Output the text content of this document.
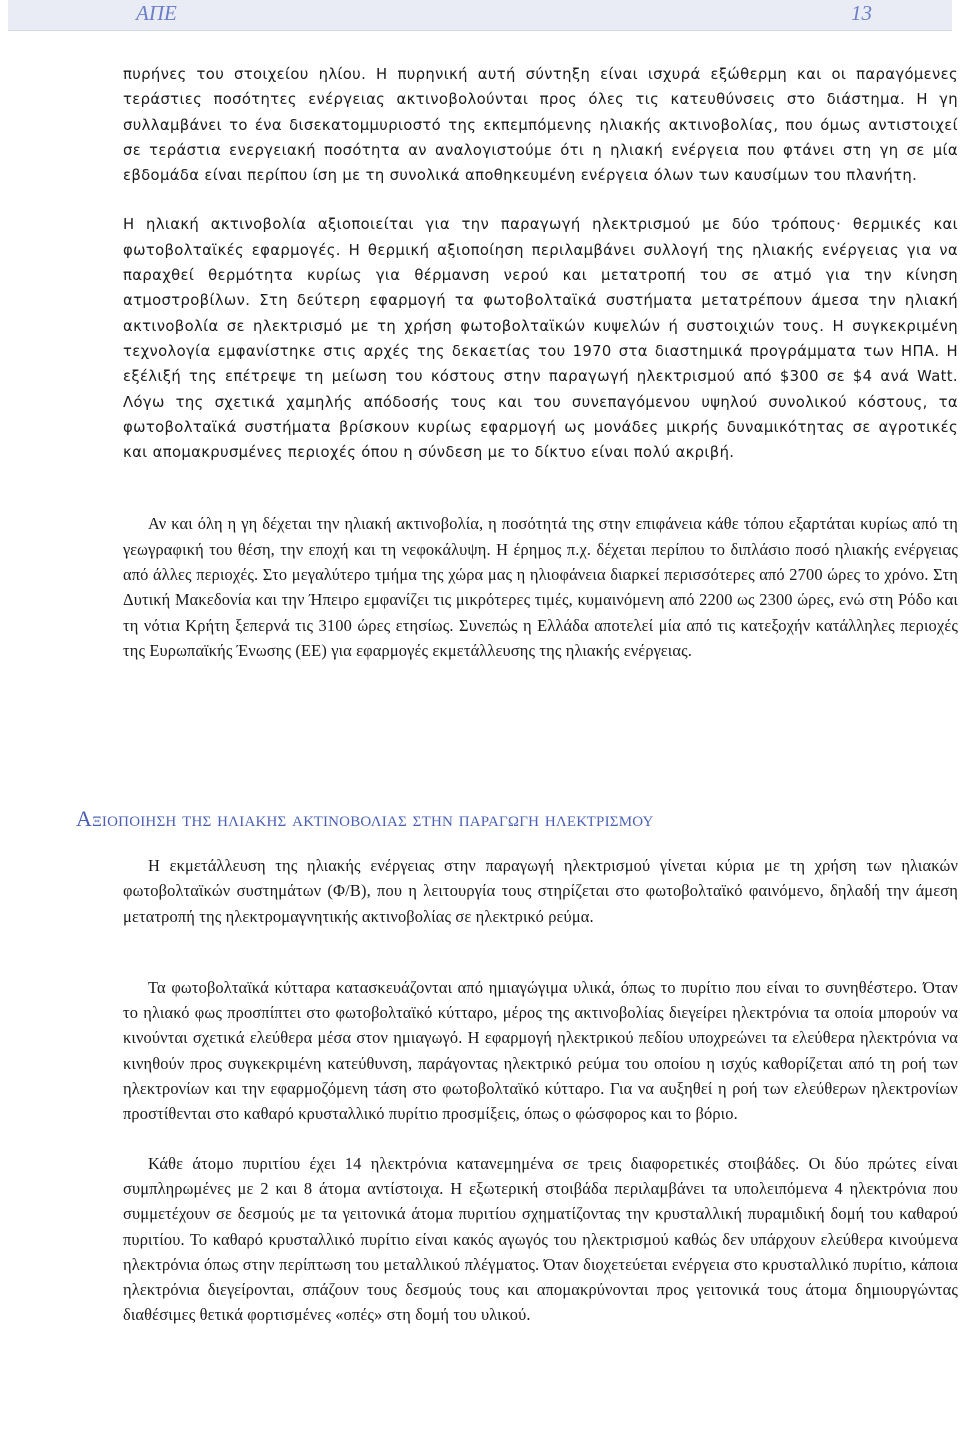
ΑΠΕ	13

πυρήνες του στοιχείου ηλίου. Η πυρηνική αυτή σύντηξη είναι ισχυρά εξώθερμη και οι παραγόμενες τεράστιες ποσότητες ενέργειας ακτινοβολούνται προς όλες τις κατευθύνσεις στο διάστημα. Η γη συλλαμβάνει το ένα δισεκατομμυριοστό της εκπεμπόμενης ηλιακής ακτινοβολίας, που όμως αντιστοιχεί σε τεράστια ενεργειακή ποσότητα αν αναλογιστούμε ότι η ηλιακή ενέργεια που φτάνει στη γη σε μία εβδομάδα είναι περίπου ίση με τη συνολικά αποθηκευμένη ενέργεια όλων των καυσίμων του πλανήτη.

Η ηλιακή ακτινοβολία αξιοποιείται για την παραγωγή ηλεκτρισμού με δύο τρόπους· θερμικές και φωτοβολταϊκές εφαρμογές. Η θερμική αξιοποίηση περιλαμβάνει συλλογή της ηλιακής ενέργειας για να παραχθεί θερμότητα κυρίως για θέρμανση νερού και μετατροπή του σε ατμό για την κίνηση ατμοστροβίλων. Στη δεύτερη εφαρμογή τα φωτοβολταϊκά συστήματα μετατρέπουν άμεσα την ηλιακή ακτινοβολία σε ηλεκτρισμό με τη χρήση φωτοβολταϊκών κυψελών ή συστοιχιών τους. Η συγκεκριμένη τεχνολογία εμφανίστηκε στις αρχές της δεκαετίας του 1970 στα διαστημικά προγράμματα των ΗΠΑ. Η εξέλιξή της επέτρεψε τη μείωση του κόστους στην παραγωγή ηλεκτρισμού από $300 σε $4 ανά Watt. Λόγω της σχετικά χαμηλής απόδοσής τους και του συνεπαγόμενου υψηλού συνολικού κόστους, τα φωτοβολταϊκά συστήματα βρίσκουν κυρίως εφαρμογή ως μονάδες μικρής δυναμικότητας σε αγροτικές και απομακρυσμένες περιοχές όπου η σύνδεση με το δίκτυο είναι πολύ ακριβή.

Αν και όλη η γη δέχεται την ηλιακή ακτινοβολία, η ποσότητά της στην επιφάνεια κάθε τόπου εξαρτάται κυρίως από τη γεωγραφική του θέση, την εποχή και τη νεφοκάλυψη. Η έρημος π.χ. δέχεται περίπου το διπλάσιο ποσό ηλιακής ενέργειας από άλλες περιοχές. Στο μεγαλύτερο τμήμα της χώρα μας η ηλιοφάνεια διαρκεί περισσότερες από 2700 ώρες το χρόνο. Στη Δυτική Μακεδονία και την Ήπειρο εμφανίζει τις μικρότερες τιμές, κυμαινόμενη από 2200 ως 2300 ώρες, ενώ στη Ρόδο και τη νότια Κρήτη ξεπερνά τις 3100 ώρες ετησίως. Συνεπώς η Ελλάδα αποτελεί μία από τις κατεξοχήν κατάλληλες περιοχές της Ευρωπαϊκής Ένωσης (ΕΕ) για εφαρμογές εκμετάλλευσης της ηλιακής ενέργειας.

Αξιοποιηση της ηλιακης ακτινοβολιας στην παραγωγη ηλεκτρισμου

Η εκμετάλλευση της ηλιακής ενέργειας στην παραγωγή ηλεκτρισμού γίνεται κύρια με τη χρήση των ηλιακών φωτοβολταϊκών συστημάτων (Φ/Β), που η λειτουργία τους στηρίζεται στο φωτοβολταϊκό φαινόμενο, δηλαδή την άμεση μετατροπή της ηλεκτρομαγνητικής ακτινοβολίας σε ηλεκτρικό ρεύμα.

Τα φωτοβολταϊκά κύτταρα κατασκευάζονται από ημιαγώγιμα υλικά, όπως το πυρίτιο που είναι το συνηθέστερο. Όταν το ηλιακό φως προσπίπτει στο φωτοβολταϊκό κύτταρο, μέρος της ακτινοβολίας διεγείρει ηλεκτρόνια τα οποία μπορούν να κινούνται σχετικά ελεύθερα μέσα στον ημιαγωγό. Η εφαρμογή ηλεκτρικού πεδίου υποχρεώνει τα ελεύθερα ηλεκτρόνια να κινηθούν προς συγκεκριμένη κατεύθυνση, παράγοντας ηλεκτρικό ρεύμα του οποίου η ισχύς καθορίζεται από τη ροή των ηλεκτρονίων και την εφαρμοζόμενη τάση στο φωτοβολταϊκό κύτταρο. Για να αυξηθεί η ροή των ελεύθερων ηλεκτρονίων προστίθενται στο καθαρό κρυσταλλικό πυρίτιο προσμίξεις, όπως ο φώσφορος και το βόριο.

Κάθε άτομο πυριτίου έχει 14 ηλεκτρόνια κατανεμημένα σε τρεις διαφορετικές στοιβάδες. Οι δύο πρώτες είναι συμπληρωμένες με 2 και 8 άτομα αντίστοιχα. Η εξωτερική στοιβάδα περιλαμβάνει τα υπολειπόμενα 4 ηλεκτρόνια που συμμετέχουν σε δεσμούς με τα γειτονικά άτομα πυριτίου σχηματίζοντας την κρυσταλλική πυραμιδική δομή του καθαρού πυριτίου. Το καθαρό κρυσταλλικό πυρίτιο είναι κακός αγωγός του ηλεκτρισμού καθώς δεν υπάρχουν ελεύθερα κινούμενα ηλεκτρόνια όπως στην περίπτωση του μεταλλικού πλέγματος. Όταν διοχετεύεται ενέργεια στο κρυσταλλικό πυρίτιο, κάποια ηλεκτρόνια διεγείρονται, σπάζουν τους δεσμούς τους και απομακρύνονται προς γειτονικά τους άτομα δημιουργώντας διαθέσιμες θετικά φορτισμένες «οπές» στη δομή του υλικού.
